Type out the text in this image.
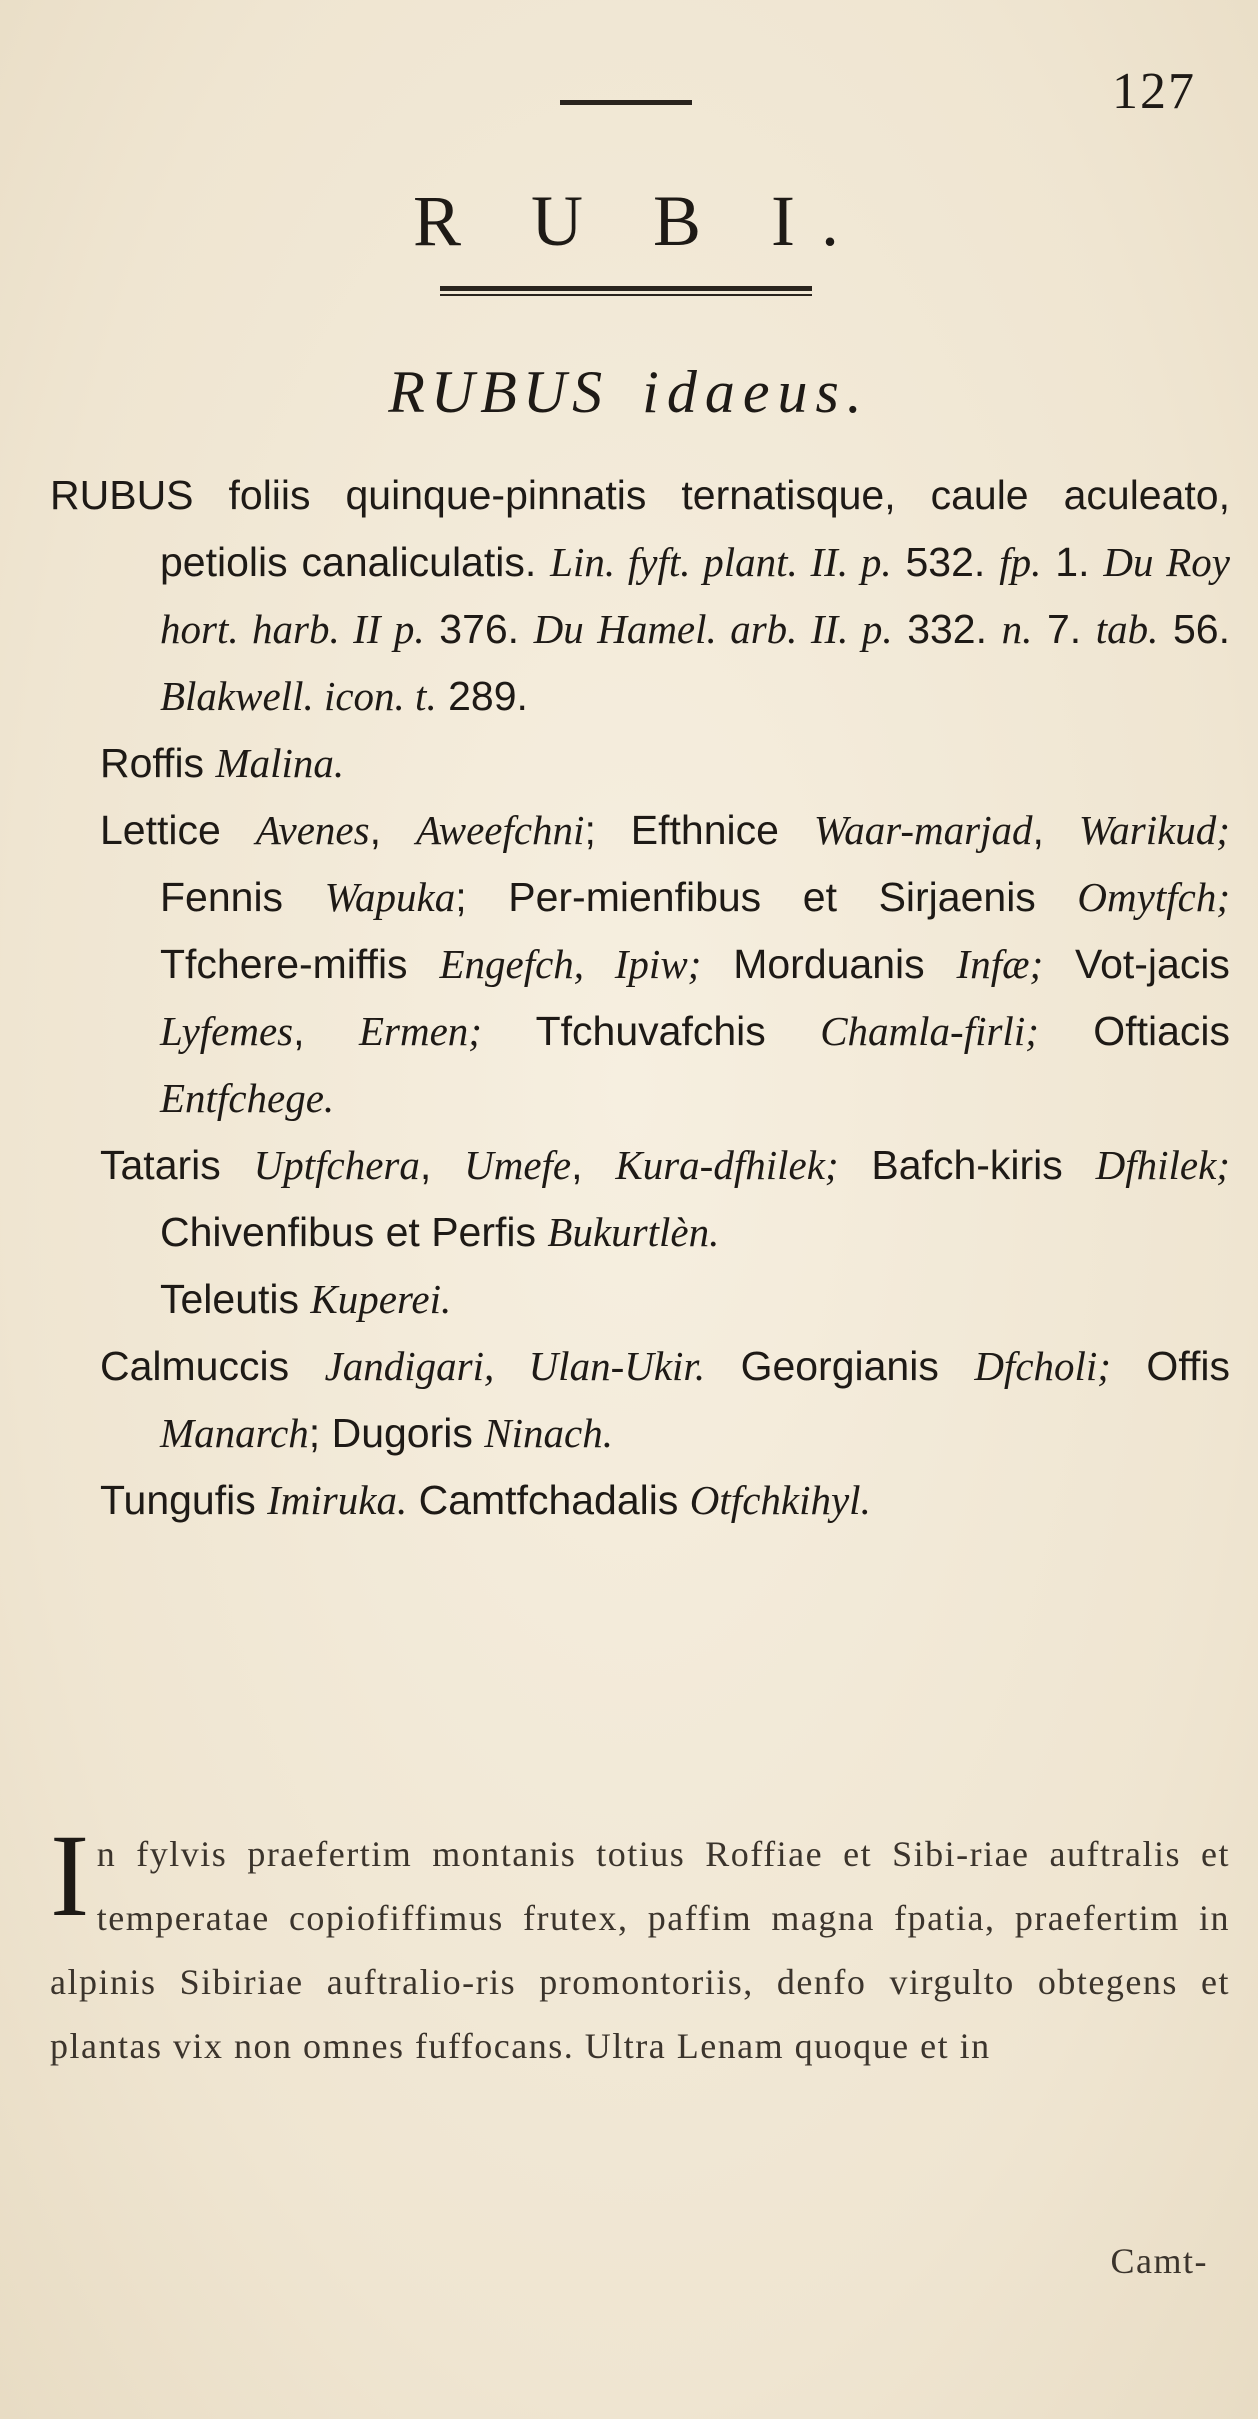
127
R U B I.
RUBUS idaeus.

RUBUS foliis quinque-pinnatis ternatisque, caule aculeato, petiolis canaliculatis. Lin. fyft. plant. II. p. 532. fp. 1. Du Roy hort. harb. II p. 376. Du Hamel. arb. II. p. 332. n. 7. tab. 56. Blakwell. icon. t. 289.

Roffis Malina.

Lettice Avenes, Aweefchni; Efthnice Waar-marjad, Warikud; Fennis Wapuka; Per-mienfibus et Sirjaenis Omytfch; Tfchere-miffis Engefch, Ipiw; Morduanis Infæ; Vot-jacis Lyfemes, Ermen; Tfchuvafchis Chamla-firli; Oftiacis Entfchege.

Tataris Uptfchera, Umefe, Kura-dfhilek; Bafch-kiris Dfhilek; Chivenfibus et Perfis Bukurtlèn.

Teleutis Kuperei.

Calmuccis Jandigari, Ulan-Ukir. Georgianis Dfcholi; Offis Manarch; Dugoris Ninach.

Tungufis Imiruka. Camtfchadalis Otfchkihyl.

In fylvis praefertim montanis totius Roffiae et Sibi-riae auftralis et temperatae copiofiffimus frutex, paffim magna fpatia, praefertim in alpinis Sibiriae auftralio-ris promontoriis, denfo virgulto obtegens et plantas vix non omnes fuffocans. Ultra Lenam quoque et in
Camt-
